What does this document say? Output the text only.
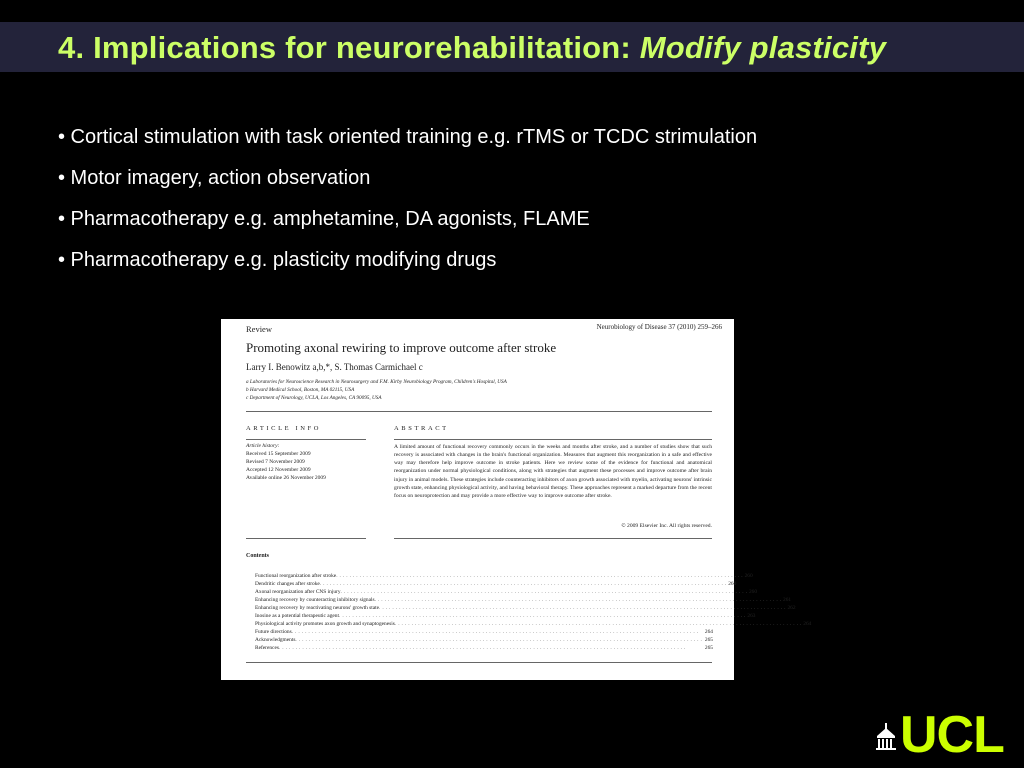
4. Implications for neurorehabilitation: Modify plasticity
• Cortical stimulation with task oriented training e.g. rTMS or TCDC strimulation
• Motor imagery, action observation
• Pharmacotherapy e.g. amphetamine, DA agonists, FLAME
• Pharmacotherapy e.g. plasticity modifying drugs
Review	Neurobiology of Disease 37 (2010) 259–266
Promoting axonal rewiring to improve outcome after stroke
Larry I. Benowitz a,b,*, S. Thomas Carmichael c
a Laboratories for Neuroscience Research in Neurosurgery and F.M. Kirby Neurobiology Program, Children's Hospital, USA
b Harvard Medical School, Boston, MA 02115, USA
c Department of Neurology, UCLA, Los Angeles, CA 90095, USA
ARTICLE INFO	ABSTRACT
Article history:
Received 15 September 2009
Revised 7 November 2009
Accepted 12 November 2009
Available online 26 November 2009
A limited amount of functional recovery commonly occurs in the weeks and months after stroke, and a number of studies show that such recovery is associated with changes in the brain's functional organization. Measures that augment this reorganization in a safe and effective way may therefore help improve outcome in stroke patients. Here we review some of the evidence for functional and anatomical reorganization under normal physiological conditions, along with strategies that augment these processes and improve outcome after brain injury in animal models. These strategies include counteracting inhibitors of axon growth associated with myelin, activating neurons' intrinsic growth state, enhancing physiological activity, and having behavioral therapy. These approaches represent a marked departure from the recent focus on neuroprotection and may provide a more effective way to improve outcome after stroke.
© 2009 Elsevier Inc. All rights reserved.
Contents
Functional reorganization after stroke .......................................................................................................................... 260
Dendritic changes after stroke .......................................................................................................................... 260
Axonal reorganization after CNS injury .......................................................................................................................... 260
Enhancing recovery by counteracting inhibitory signals .......................................................................................................................... 261
Enhancing recovery by reactivating neurons' growth state .......................................................................................................................... 262
Inosine as a potential therapeutic agent .......................................................................................................................... 263
Physiological activity promotes axon growth and synaptogenesis .......................................................................................................................... 264
Future directions .......................................................................................................................... 264
Acknowledgments .......................................................................................................................... 265
References ..........................................................................................................................	265
UCL
